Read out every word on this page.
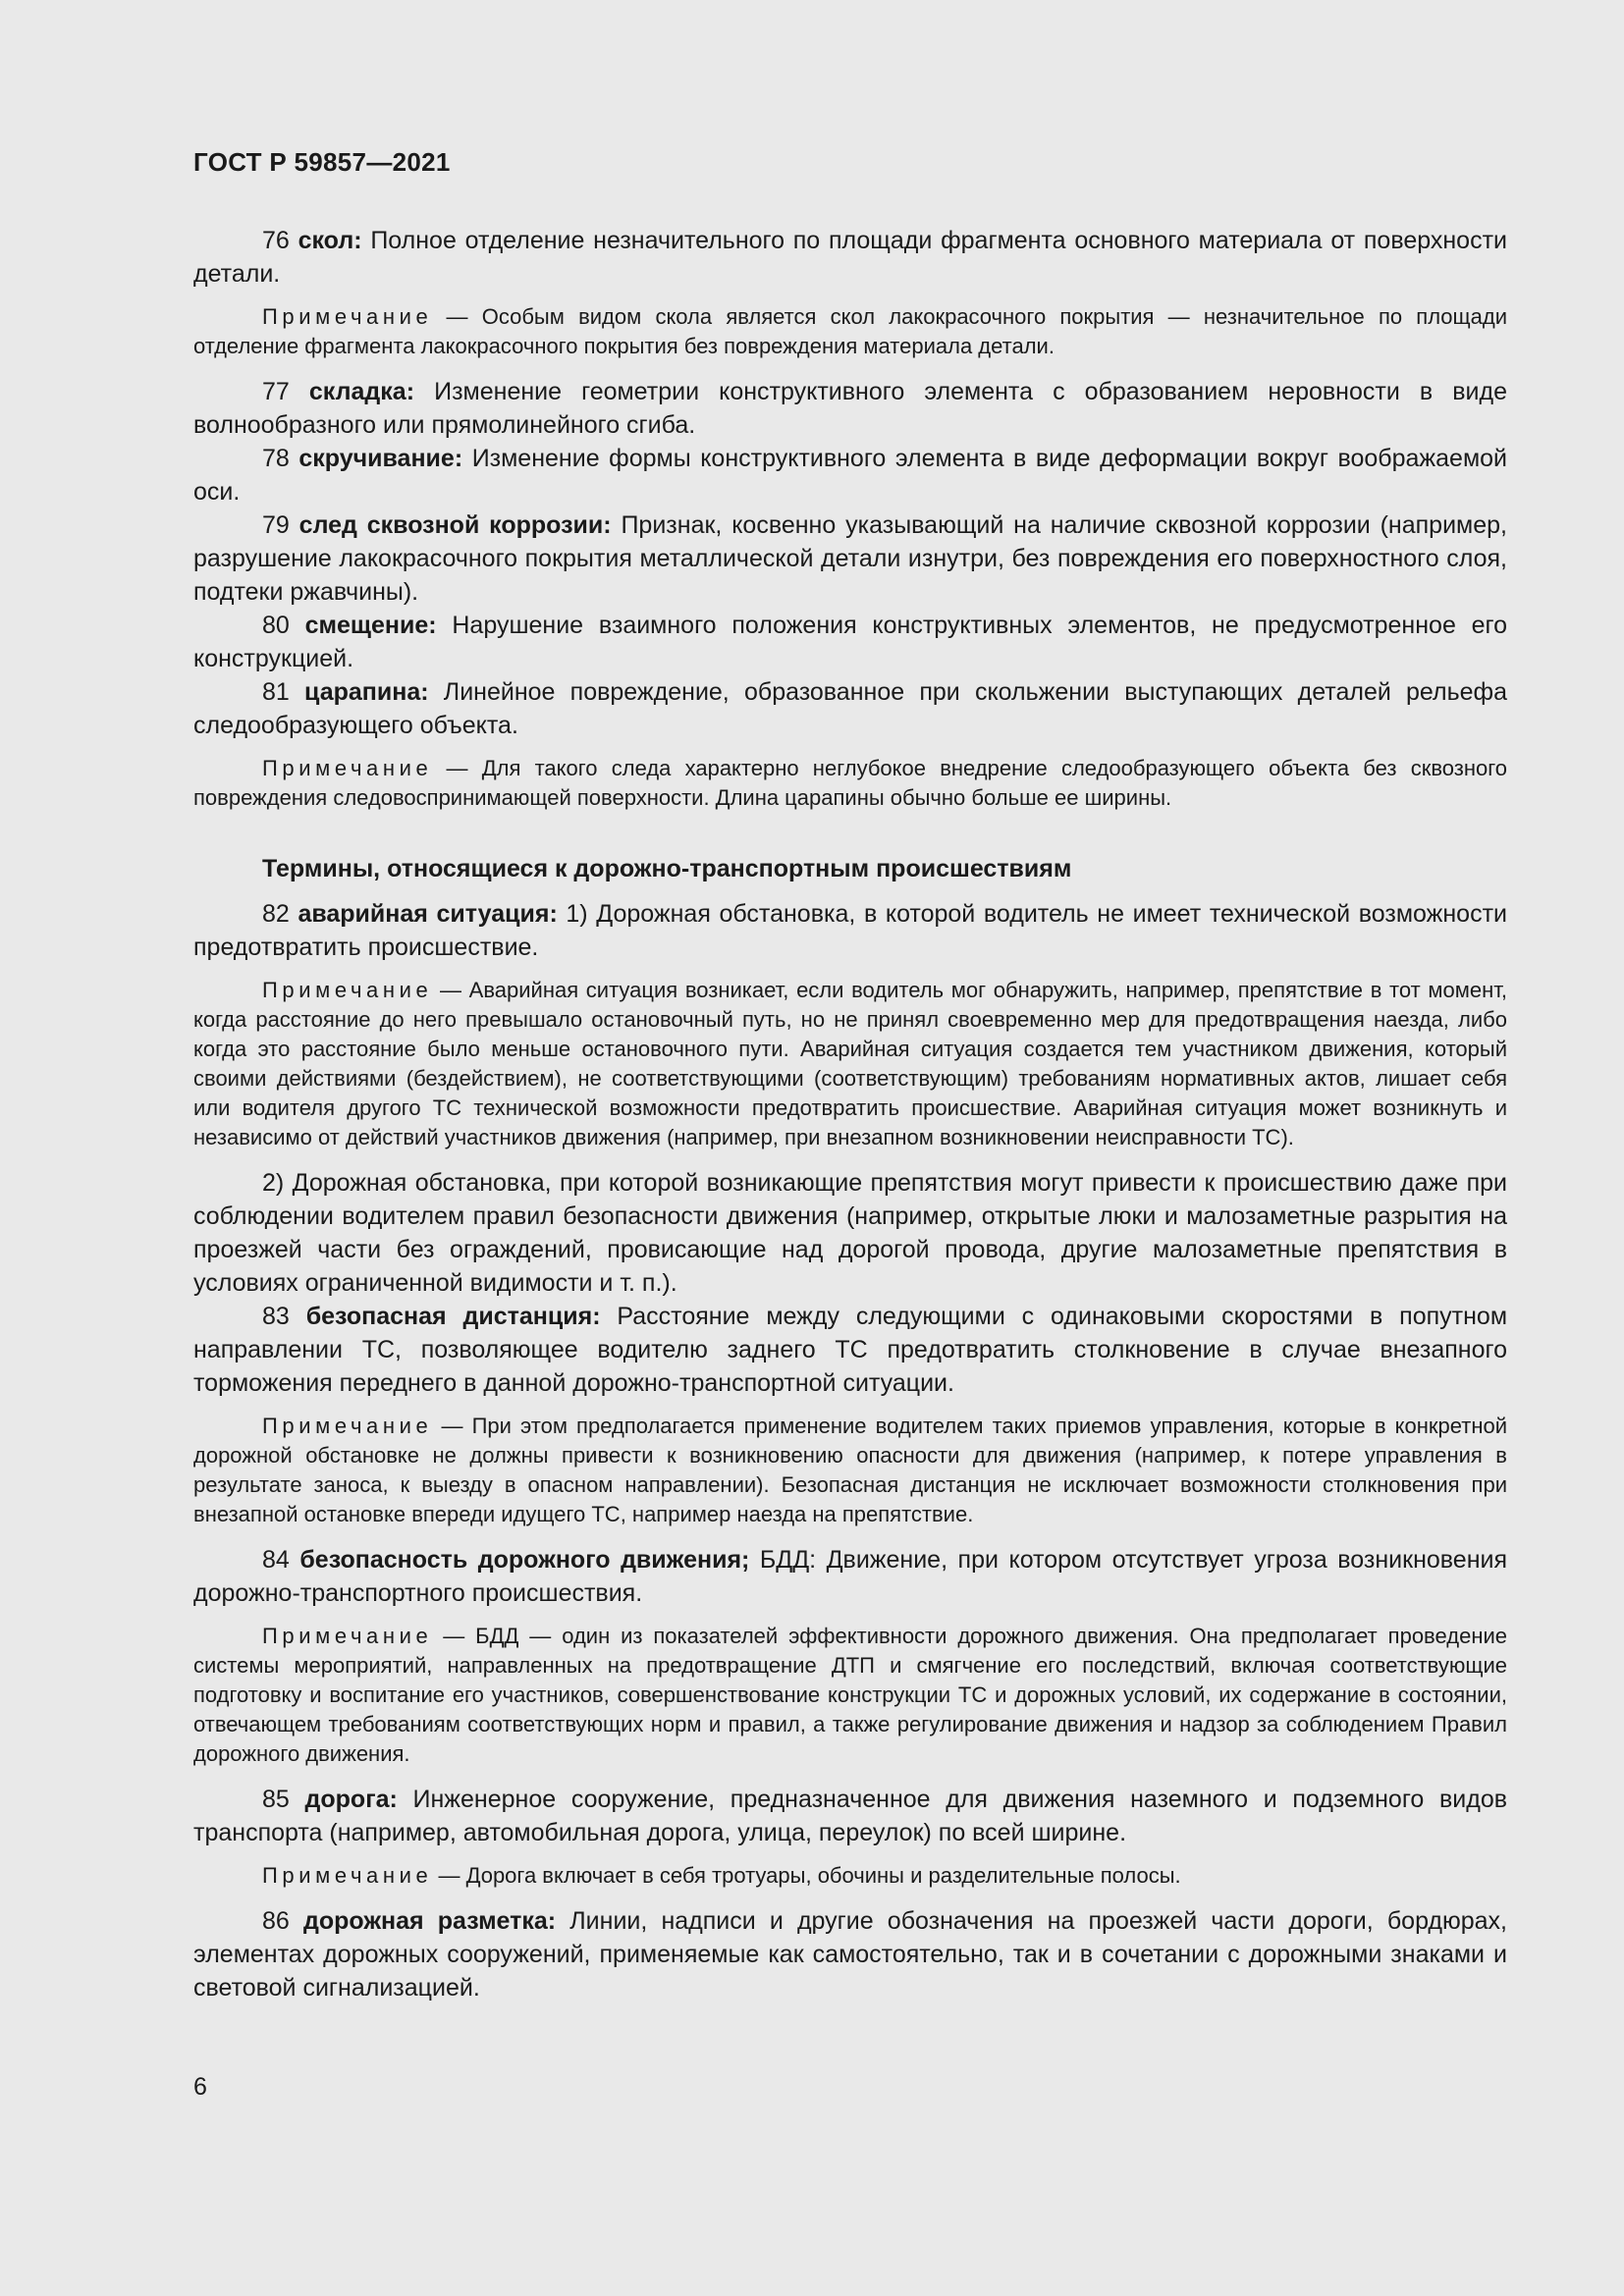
ГОСТ Р 59857—2021

76 скол: Полное отделение незначительного по площади фрагмента основного материала от поверхности детали.

Примечание — Особым видом скола является скол лакокрасочного покрытия — незначительное по площади отделение фрагмента лакокрасочного покрытия без повреждения материала детали.

77 складка: Изменение геометрии конструктивного элемента с образованием неровности в виде волнообразного или прямолинейного сгиба.

78 скручивание: Изменение формы конструктивного элемента в виде деформации вокруг воображаемой оси.

79 след сквозной коррозии: Признак, косвенно указывающий на наличие сквозной коррозии (например, разрушение лакокрасочного покрытия металлической детали изнутри, без повреждения его поверхностного слоя, подтеки ржавчины).

80 смещение: Нарушение взаимного положения конструктивных элементов, не предусмотренное его конструкцией.

81 царапина: Линейное повреждение, образованное при скольжении выступающих деталей рельефа следообразующего объекта.

Примечание — Для такого следа характерно неглубокое внедрение следообразующего объекта без сквозного повреждения следовоспринимающей поверхности. Длина царапины обычно больше ее ширины.

Термины, относящиеся к дорожно-транспортным происшествиям

82 аварийная ситуация: 1) Дорожная обстановка, в которой водитель не имеет технической возможности предотвратить происшествие.

Примечание — Аварийная ситуация возникает, если водитель мог обнаружить, например, препятствие в тот момент, когда расстояние до него превышало остановочный путь, но не принял своевременно мер для предотвращения наезда, либо когда это расстояние было меньше остановочного пути. Аварийная ситуация создается тем участником движения, который своими действиями (бездействием), не соответствующими (соответствующим) требованиям нормативных актов, лишает себя или водителя другого ТС технической возможности предотвратить происшествие. Аварийная ситуация может возникнуть и независимо от действий участников движения (например, при внезапном возникновении неисправности ТС).

2) Дорожная обстановка, при которой возникающие препятствия могут привести к происшествию даже при соблюдении водителем правил безопасности движения (например, открытые люки и малозаметные разрытия на проезжей части без ограждений, провисающие над дорогой провода, другие малозаметные препятствия в условиях ограниченной видимости и т. п.).

83 безопасная дистанция: Расстояние между следующими с одинаковыми скоростями в попутном направлении ТС, позволяющее водителю заднего ТС предотвратить столкновение в случае внезапного торможения переднего в данной дорожно-транспортной ситуации.

Примечание — При этом предполагается применение водителем таких приемов управления, которые в конкретной дорожной обстановке не должны привести к возникновению опасности для движения (например, к потере управления в результате заноса, к выезду в опасном направлении). Безопасная дистанция не исключает возможности столкновения при внезапной остановке впереди идущего ТС, например наезда на препятствие.

84 безопасность дорожного движения; БДД: Движение, при котором отсутствует угроза возникновения дорожно-транспортного происшествия.

Примечание — БДД — один из показателей эффективности дорожного движения. Она предполагает проведение системы мероприятий, направленных на предотвращение ДТП и смягчение его последствий, включая соответствующие подготовку и воспитание его участников, совершенствование конструкции ТС и дорожных условий, их содержание в состоянии, отвечающем требованиям соответствующих норм и правил, а также регулирование движения и надзор за соблюдением Правил дорожного движения.

85 дорога: Инженерное сооружение, предназначенное для движения наземного и подземного видов транспорта (например, автомобильная дорога, улица, переулок) по всей ширине.

Примечание — Дорога включает в себя тротуары, обочины и разделительные полосы.

86 дорожная разметка: Линии, надписи и другие обозначения на проезжей части дороги, бордюрах, элементах дорожных сооружений, применяемые как самостоятельно, так и в сочетании с дорожными знаками и световой сигнализацией.

6
